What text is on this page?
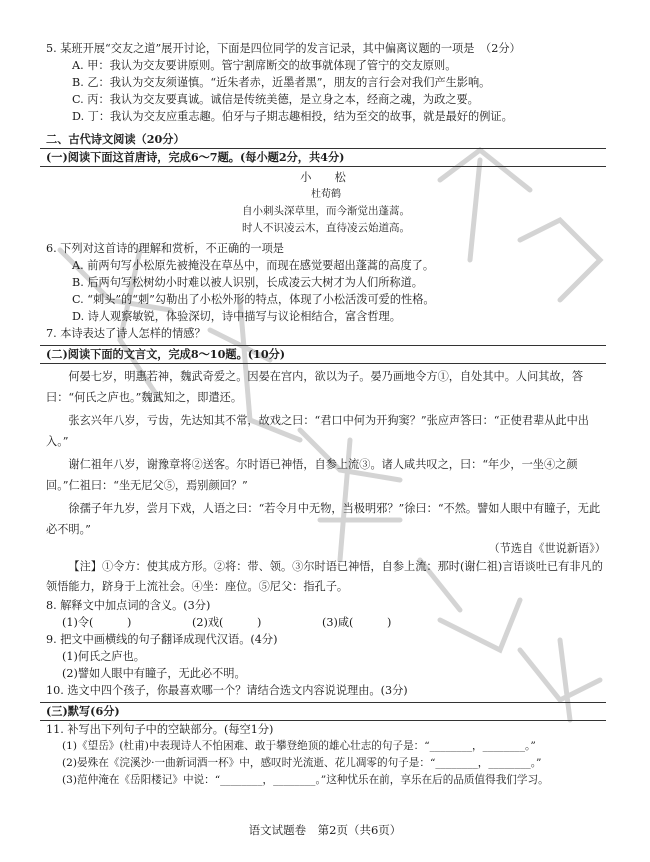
5. 某班开展“交友之道”展开讨论，下面是四位同学的发言记录，其中偏离议题的一项是　 （2分）

A. 甲：我认为交友要讲原则。管宁割席断交的故事就体现了管宁的交友原则。

B. 乙：我认为交友须谨慎。“近朱者赤，近墨者黑”，朋友的言行会对我们产生影响。

C. 丙：我认为交友要真诚。诚信是传统美德，是立身之本，经商之魂，为政之要。

D. 丁：我认为交友应重志趣。伯牙与子期志趣相投，结为至交的故事，就是最好的例证。

二、古代诗文阅读（20分）

(一)阅读下面这首唐诗，完成6～7题。(每小题2分，共4分)

小　松

杜荀鹤

自小刺头深草里，而今渐觉出蓬蒿。

时人不识凌云木，直待凌云始道高。

6. 下列对这首诗的理解和赏析，不正确的一项是

A. 前两句写小松原先被掩没在草丛中，而现在感觉要超出蓬蒿的高度了。

B. 后两句写松树幼小时难以被人识别，长成凌云大树才为人们所称道。

C. “刺头”的“刺”勾勒出了小松外形的特点，体现了小松活泼可爱的性格。

D. 诗人观察敏锐，体验深切，诗中描写与议论相结合，富含哲理。

7. 本诗表达了诗人怎样的情感？

(二)阅读下面的文言文，完成8～10题。(10分)

何晏七岁，明惠若神，魏武奇爱之。因晏在宫内，欲以为子。晏乃画地令方①，自处其中。人问其故，答曰：“何氏之庐也。”魏武知之，即遣还。

张玄兴年八岁，亏齿，先达知其不常，故戏之曰：“君口中何为开狗窦？”张应声答曰：“正使君辈从此中出入。”

谢仁祖年八岁，谢豫章将②送客。尔时语已神悟，自参上流③。诸人咸共叹之，曰：“年少，一坐④之颜回。”仁祖曰：“坐无尼父⑤，焉别颜回？”

徐孺子年九岁，尝月下戏，人语之曰：“若令月中无物，当极明邪？”徐曰：“不然。譬如人眼中有瞳子，无此必不明。”

（节选自《世说新语》）

【注】①令方：使其成方形。②将：带、领。③尔时语已神悟，自参上流：那时(谢仁祖)言语谈吐已有非凡的领悟能力，跻身于上流社会。④坐：座位。⑤尼父：指孔子。

8. 解释文中加点词的含义。(3分)

(1)令(　　　)	(2)戏(　　　)	(3)咸(　　　)

9. 把文中画横线的句子翻译成现代汉语。(4分)

(1)何氏之庐也。

(2)譬如人眼中有瞳子，无此必不明。

10. 选文中四个孩子，你最喜欢哪一个？请结合选文内容说说理由。(3分)

(三)默写(6分)

11. 补写出下列句子中的空缺部分。(每空1分)

(1)《望岳》(杜甫)中表现诗人不怕困难、敢于攀登绝顶的雄心壮志的句子是：“________，________。”

(2)晏殊在《浣溪沙·一曲新词酒一杯》中，感叹时光流逝、花儿凋零的句子是：“________，________。”

(3)范仲淹在《岳阳楼记》中说：“________，________。”这种忧乐在前，享乐在后的品质值得我们学习。

语文试题卷　第2页（共6页）
